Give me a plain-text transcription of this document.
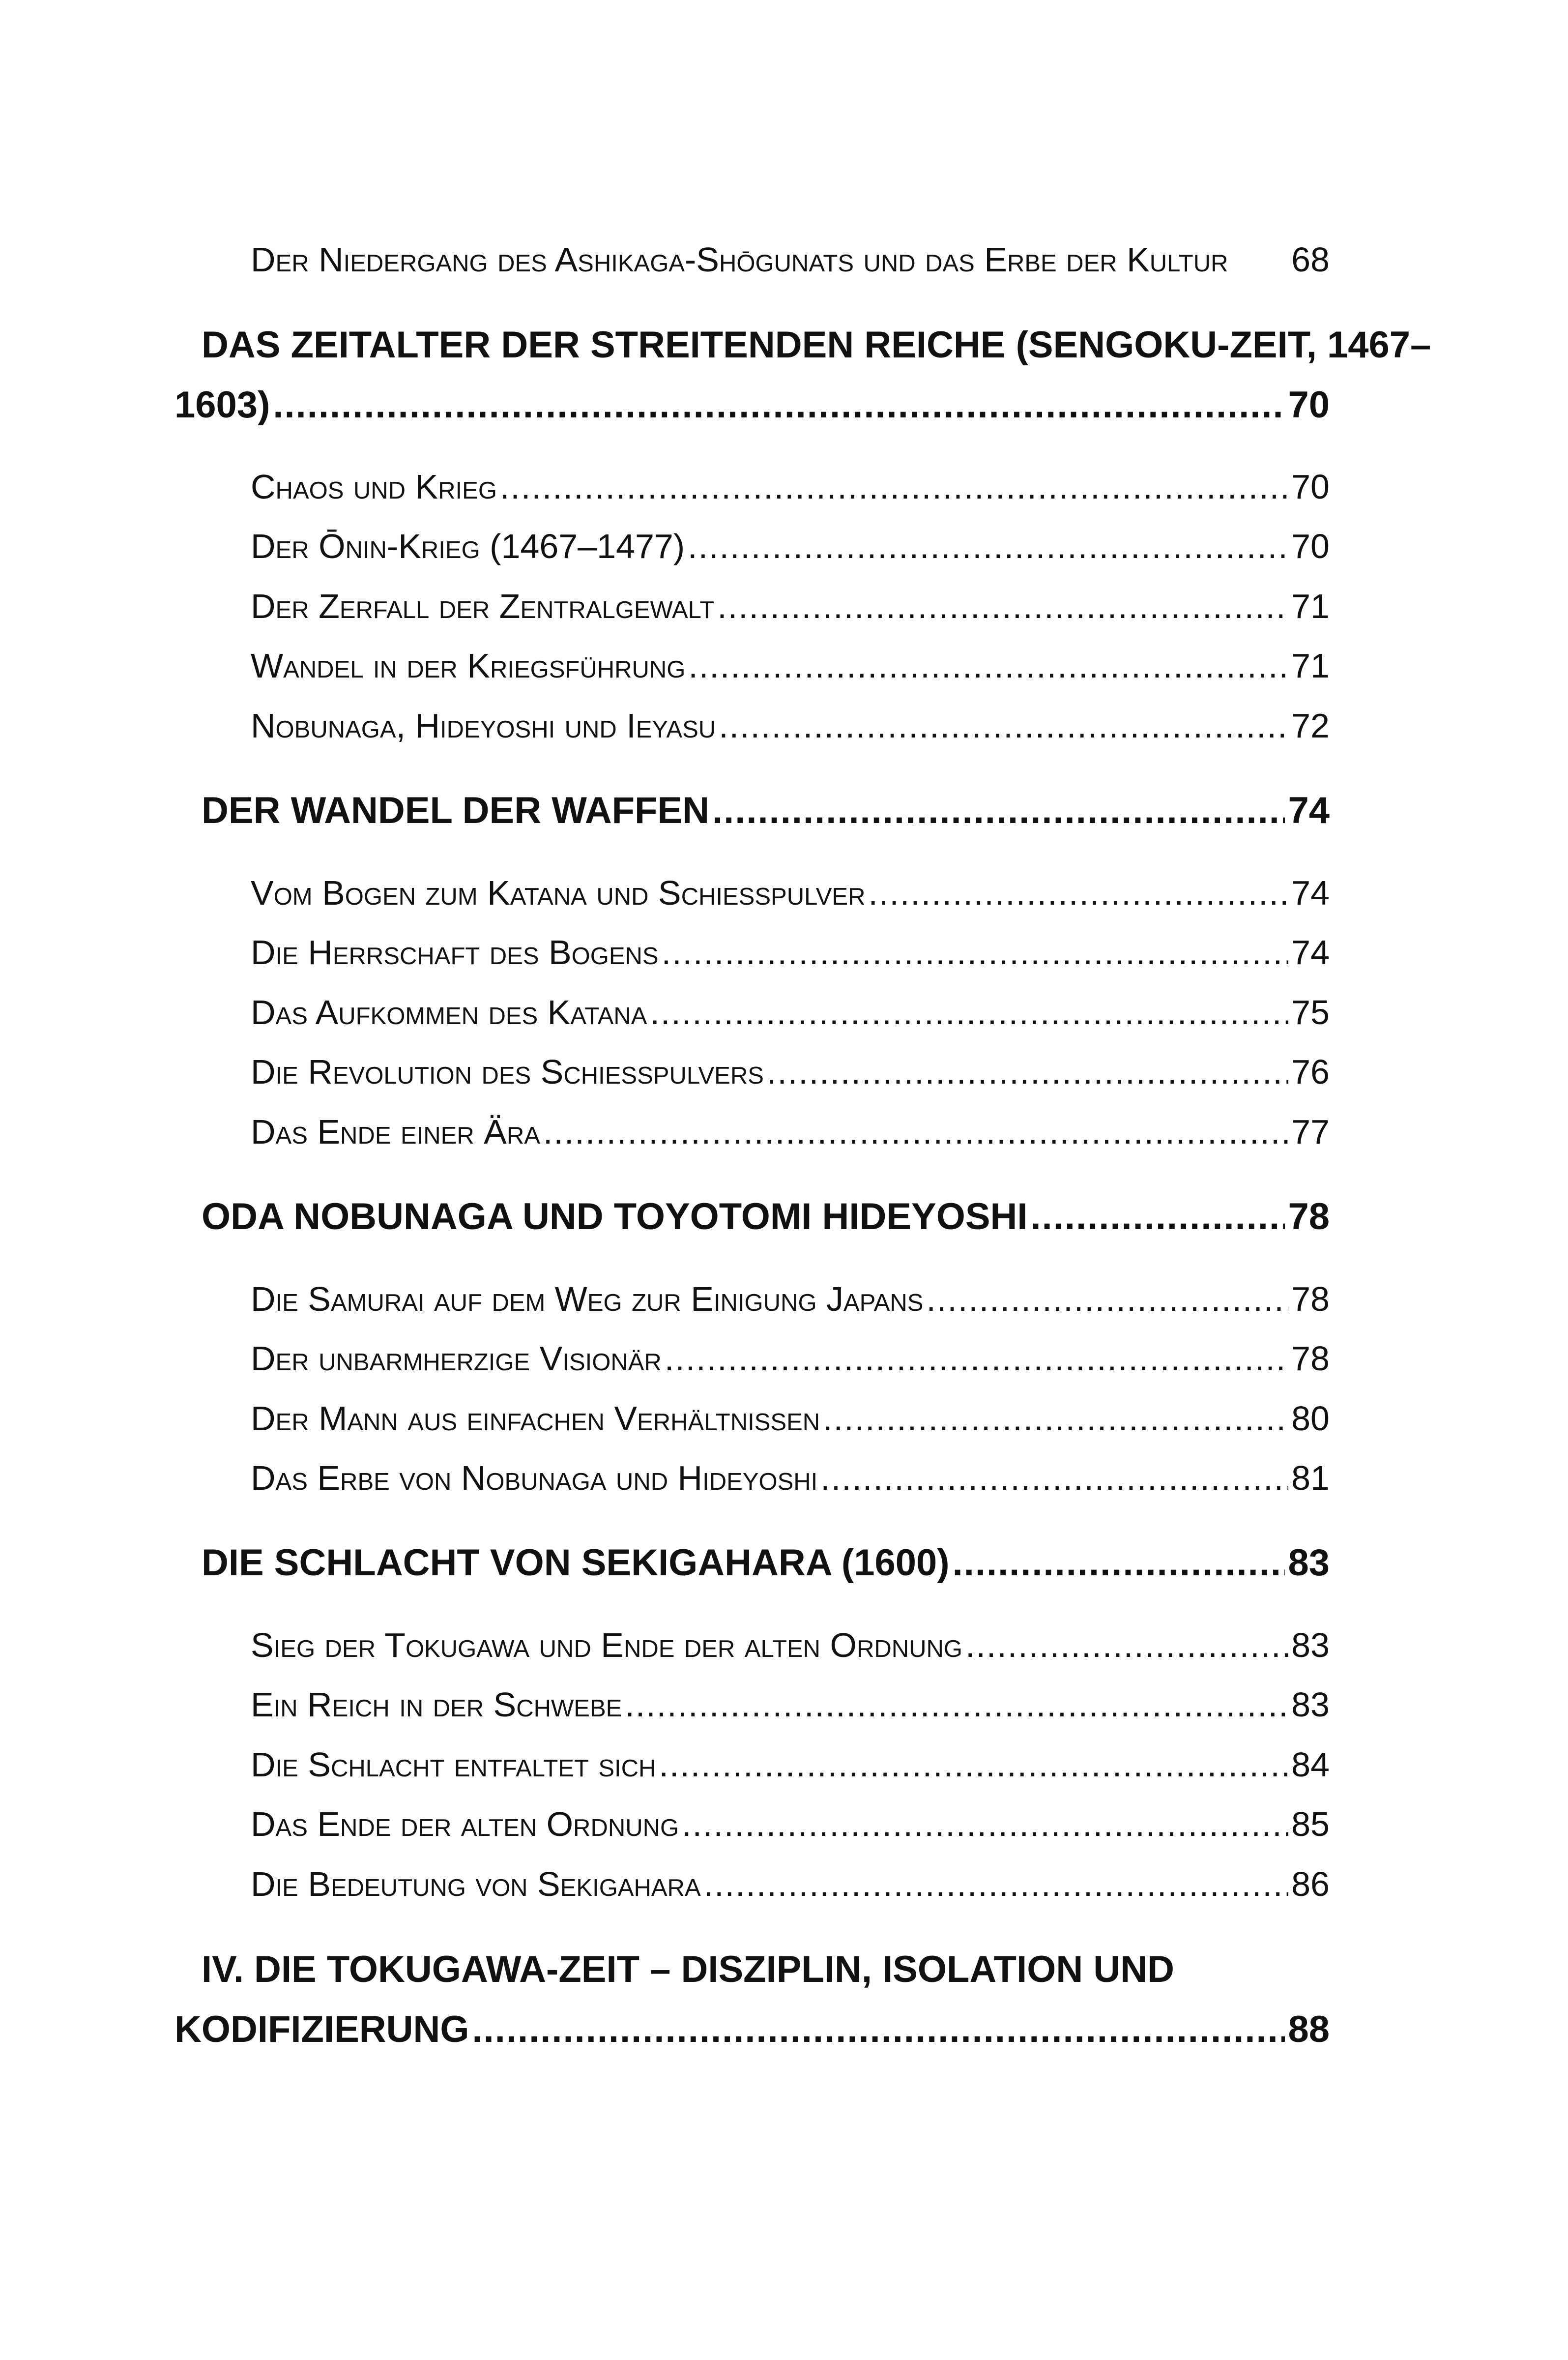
Der Niedergang des Ashikaga-Shōgunats und das Erbe der Kultur 68
DAS ZEITALTER DER STREITENDEN REICHE (SENGOKU-ZEIT, 1467–
1603) .....	70
Chaos und Krieg .....	70
Der Ōnin-Krieg (1467–1477) .....	70
Der Zerfall der Zentralgewalt .....	71
Wandel in der Kriegsführung .....	71
Nobunaga, Hideyoshi und Ieyasu .....	72
DER WANDEL DER WAFFEN .....	74
Vom Bogen zum Katana und Schießpulver .....	74
Die Herrschaft des Bogens .....	74
Das Aufkommen des Katana .....	75
Die Revolution des Schießpulvers .....	76
Das Ende einer Ära .....	77
ODA NOBUNAGA UND TOYOTOMI HIDEYOSHI .....	78
Die Samurai auf dem Weg zur Einigung Japans .....	78
Der unbarmherzige Visionär .....	78
Der Mann aus einfachen Verhältnissen .....	80
Das Erbe von Nobunaga und Hideyoshi .....	81
DIE SCHLACHT VON SEKIGAHARA (1600) .....	83
Sieg der Tokugawa und Ende der alten Ordnung .....	83
Ein Reich in der Schwebe .....	83
Die Schlacht entfaltet sich .....	84
Das Ende der alten Ordnung .....	85
Die Bedeutung von Sekigahara .....	86
IV. DIE TOKUGAWA-ZEIT – DISZIPLIN, ISOLATION UND
KODIFIZIERUNG .....	88
